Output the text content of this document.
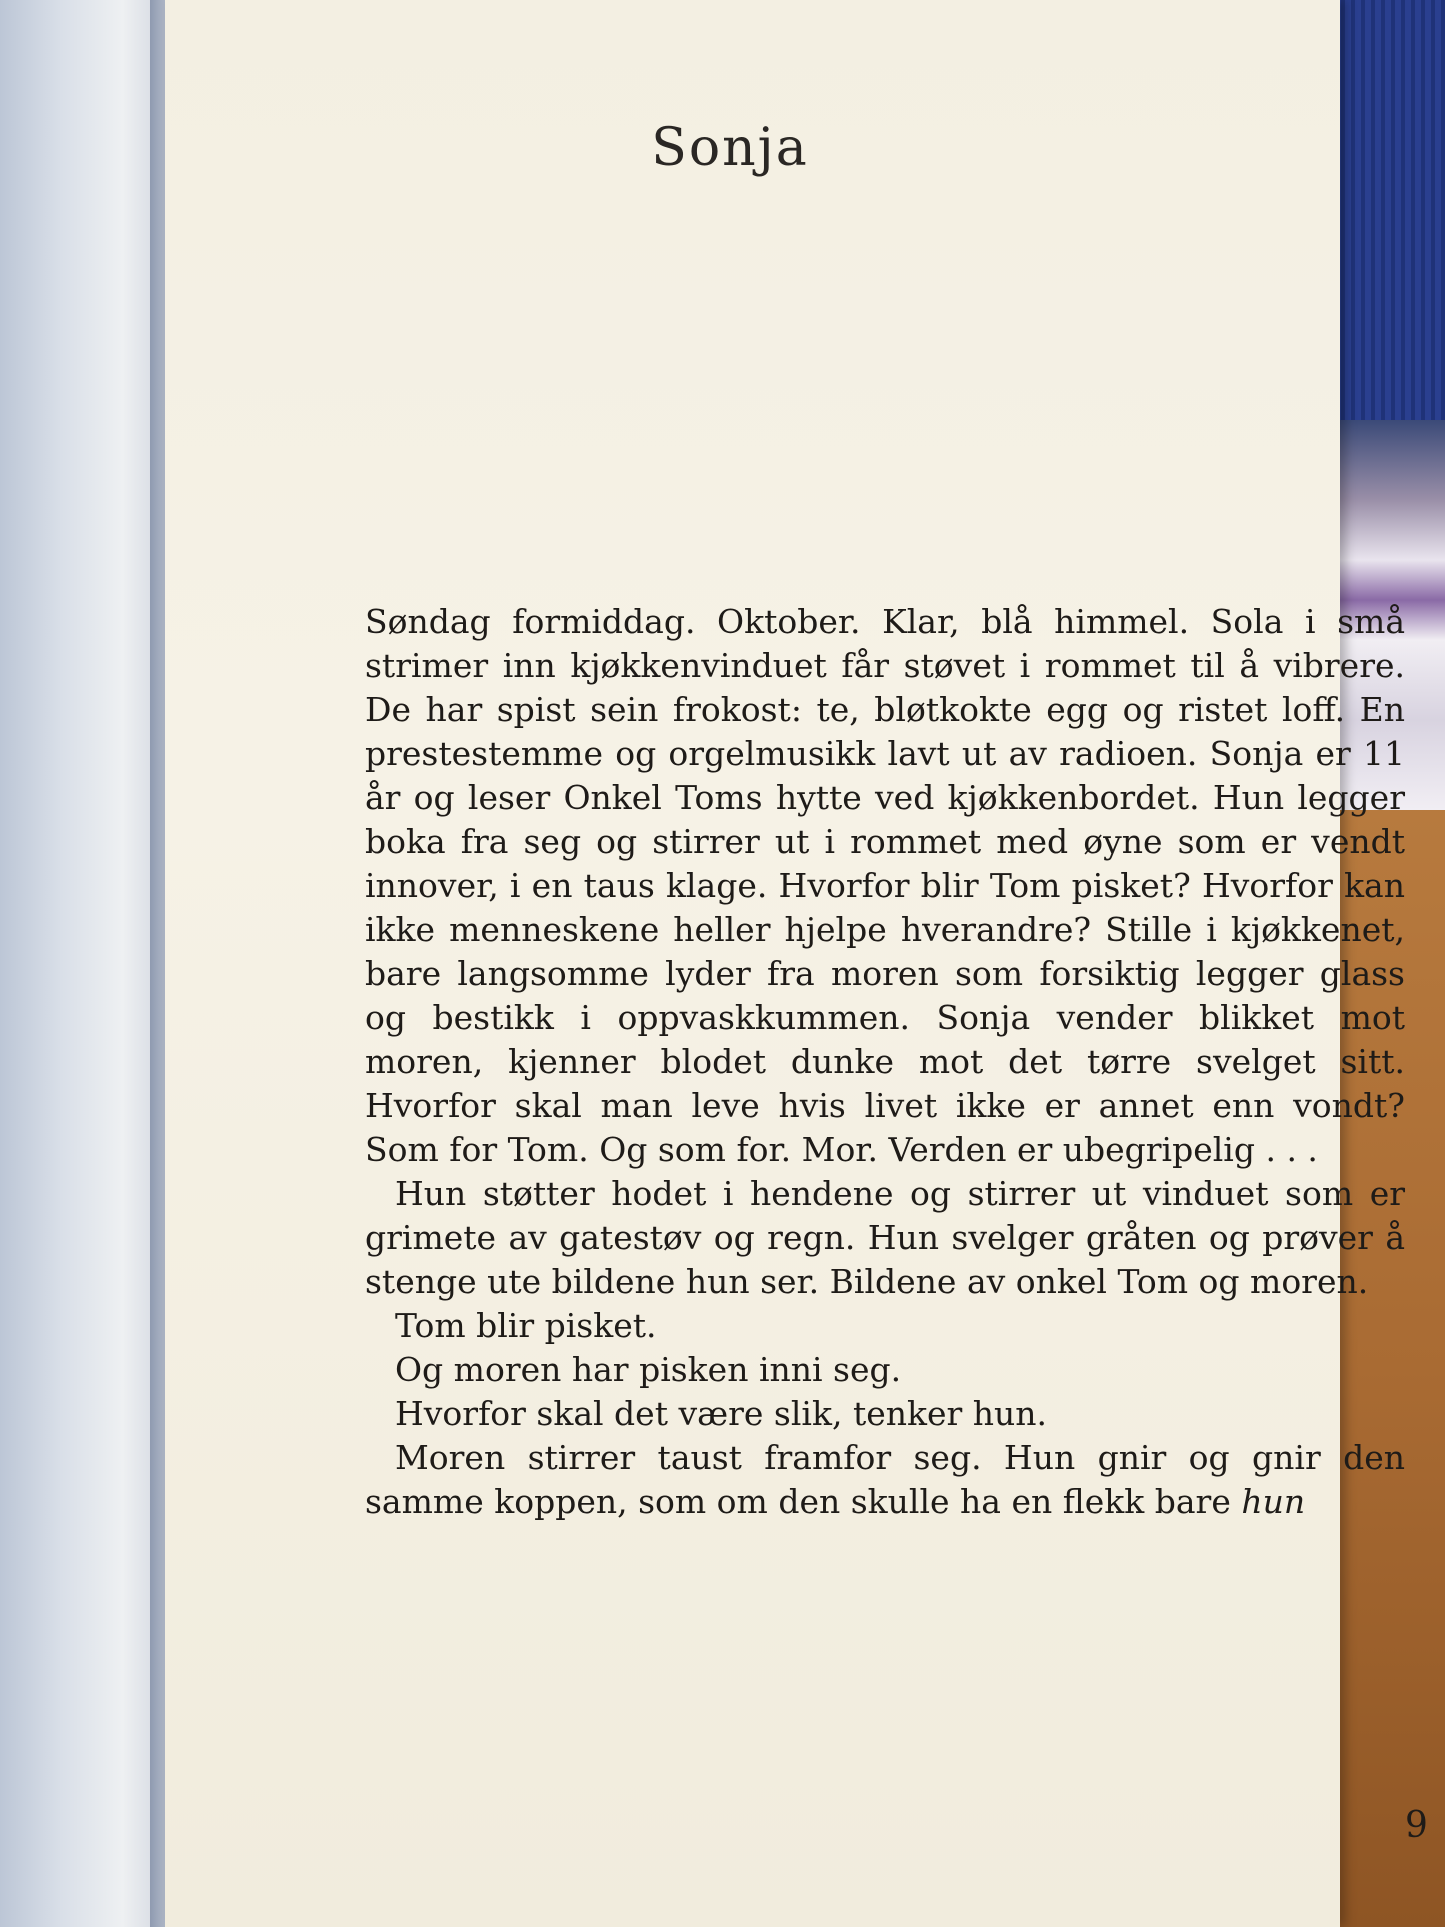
Sonja

Søndag formiddag. Oktober. Klar, blå himmel. Sola i små strimer inn kjøkkenvinduet får støvet i rommet til å vibrere. De har spist sein frokost: te, bløtkokte egg og ristet loff. En prestestemme og orgelmusikk lavt ut av radioen. Sonja er 11 år og leser Onkel Toms hytte ved kjøkkenbordet. Hun legger boka fra seg og stirrer ut i rommet med øyne som er vendt innover, i en taus klage. Hvorfor blir Tom pisket? Hvorfor kan ikke menneskene heller hjelpe hverandre? Stille i kjøkkenet, bare langsomme lyder fra moren som forsiktig legger glass og bestikk i oppvaskkummen. Sonja vender blikket mot moren, kjenner blodet dunke mot det tørre svelget sitt. Hvorfor skal man leve hvis livet ikke er annet enn vondt? Som for Tom. Og som for. Mor. Verden er ubegripelig . . .

Hun støtter hodet i hendene og stirrer ut vinduet som er grimete av gatestøv og regn. Hun svelger gråten og prøver å stenge ute bildene hun ser. Bildene av onkel Tom og moren.

Tom blir pisket.

Og moren har pisken inni seg.

Hvorfor skal det være slik, tenker hun.

Moren stirrer taust framfor seg. Hun gnir og gnir den samme koppen, som om den skulle ha en flekk bare hun

9
